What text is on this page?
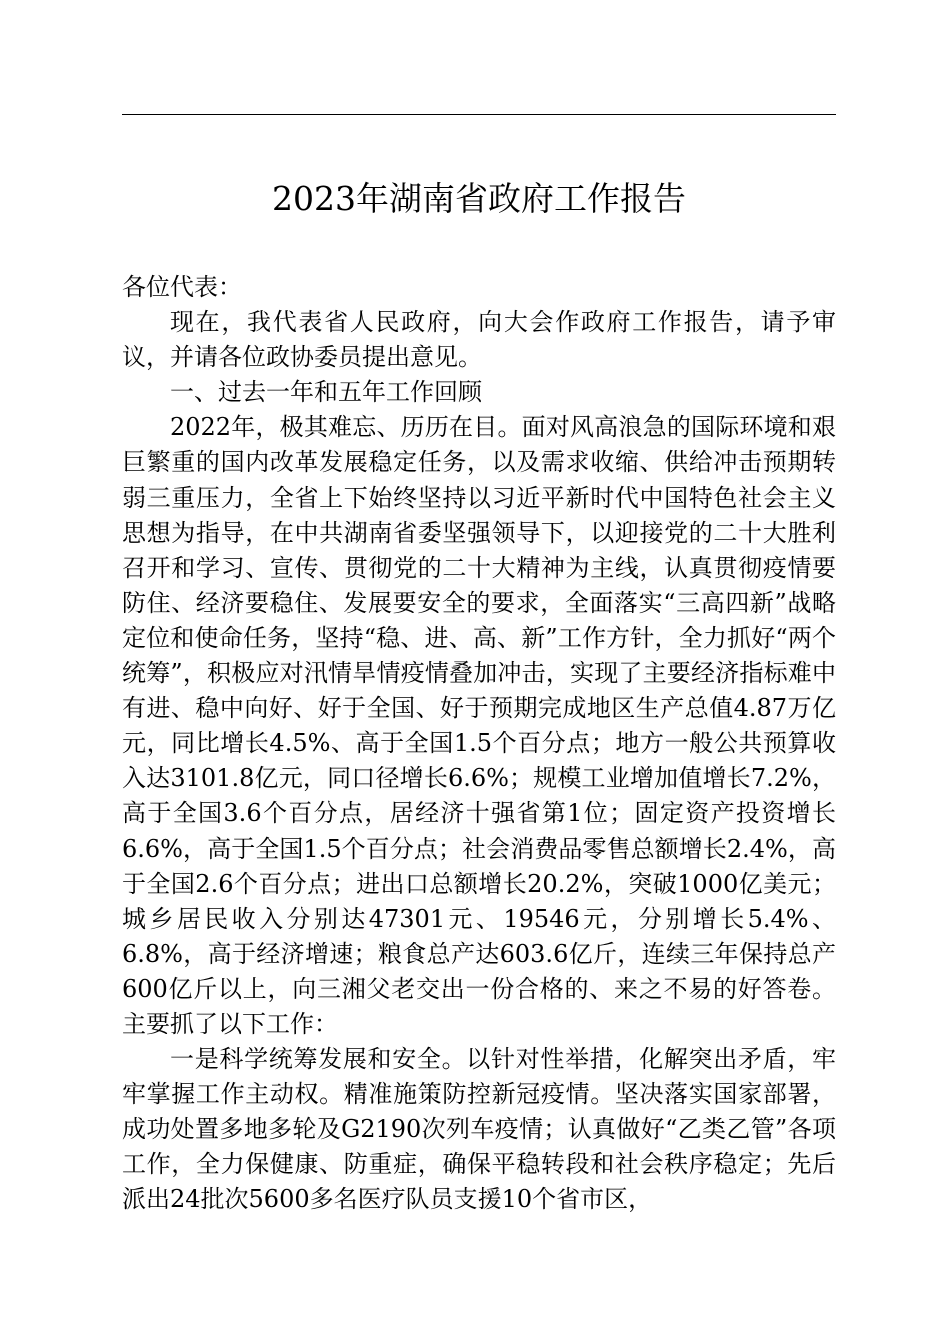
2023年湖南省政府工作报告

各位代表：

现在，我代表省人民政府，向大会作政府工作报告，请予审议，并请各位政协委员提出意见。

一、过去一年和五年工作回顾

2022年，极其难忘、历历在目。面对风高浪急的国际环境和艰巨繁重的国内改革发展稳定任务，以及需求收缩、供给冲击预期转弱三重压力，全省上下始终坚持以习近平新时代中国特色社会主义思想为指导，在中共湖南省委坚强领导下，以迎接党的二十大胜利召开和学习、宣传、贯彻党的二十大精神为主线，认真贯彻疫情要防住、经济要稳住、发展要安全的要求，全面落实“三高四新”战略定位和使命任务，坚持“稳、进、高、新”工作方针，全力抓好“两个统筹”，积极应对汛情旱情疫情叠加冲击，实现了主要经济指标难中有进、稳中向好、好于全国、好于预期完成地区生产总值4.87万亿元，同比增长4.5%、高于全国1.5个百分点；地方一般公共预算收入达3101.8亿元，同口径增长6.6%；规模工业增加值增长7.2%，高于全国3.6个百分点，居经济十强省第1位；固定资产投资增长6.6%，高于全国1.5个百分点；社会消费品零售总额增长2.4%，高于全国2.6个百分点；进出口总额增长20.2%，突破1000亿美元；城乡居民收入分别达47301元、19546元，分别增长5.4%、6.8%，高于经济增速；粮食总产达603.6亿斤，连续三年保持总产600亿斤以上，向三湘父老交出一份合格的、来之不易的好答卷。主要抓了以下工作：

一是科学统筹发展和安全。以针对性举措，化解突出矛盾，牢牢掌握工作主动权。精准施策防控新冠疫情。坚决落实国家部署，成功处置多地多轮及G2190次列车疫情；认真做好“乙类乙管”各项工作，全力保健康、防重症，确保平稳转段和社会秩序稳定；先后派出24批次5600多名医疗队员支援10个省市区，
